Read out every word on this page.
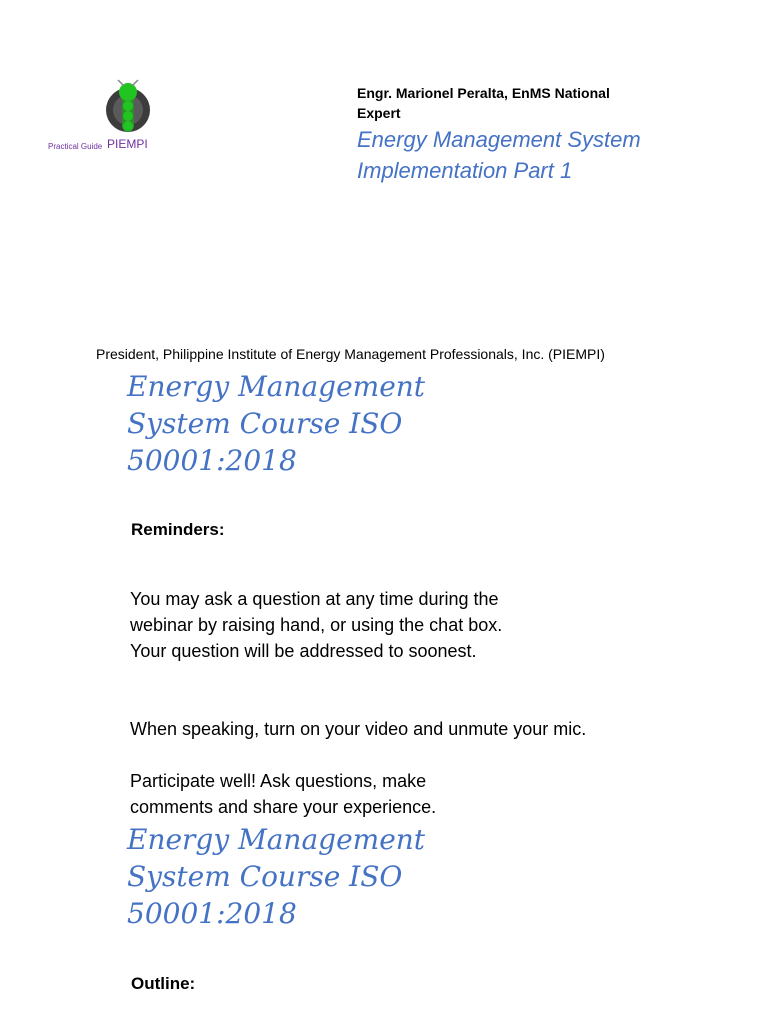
Practical Guide PIEMPI
Engr. Marionel Peralta, EnMS National Expert
Energy Management System Implementation Part 1
President, Philippine Institute of Energy Management Professionals, Inc. (PIEMPI)
Energy Management System Course ISO 50001:2018
Reminders:
You may ask a question at any time during the webinar by raising hand, or using the chat box. Your question will be addressed to soonest.
When speaking, turn on your video and unmute your mic.
Participate well! Ask questions, make comments and share your experience.
Energy Management System Course ISO 50001:2018
Outline:
